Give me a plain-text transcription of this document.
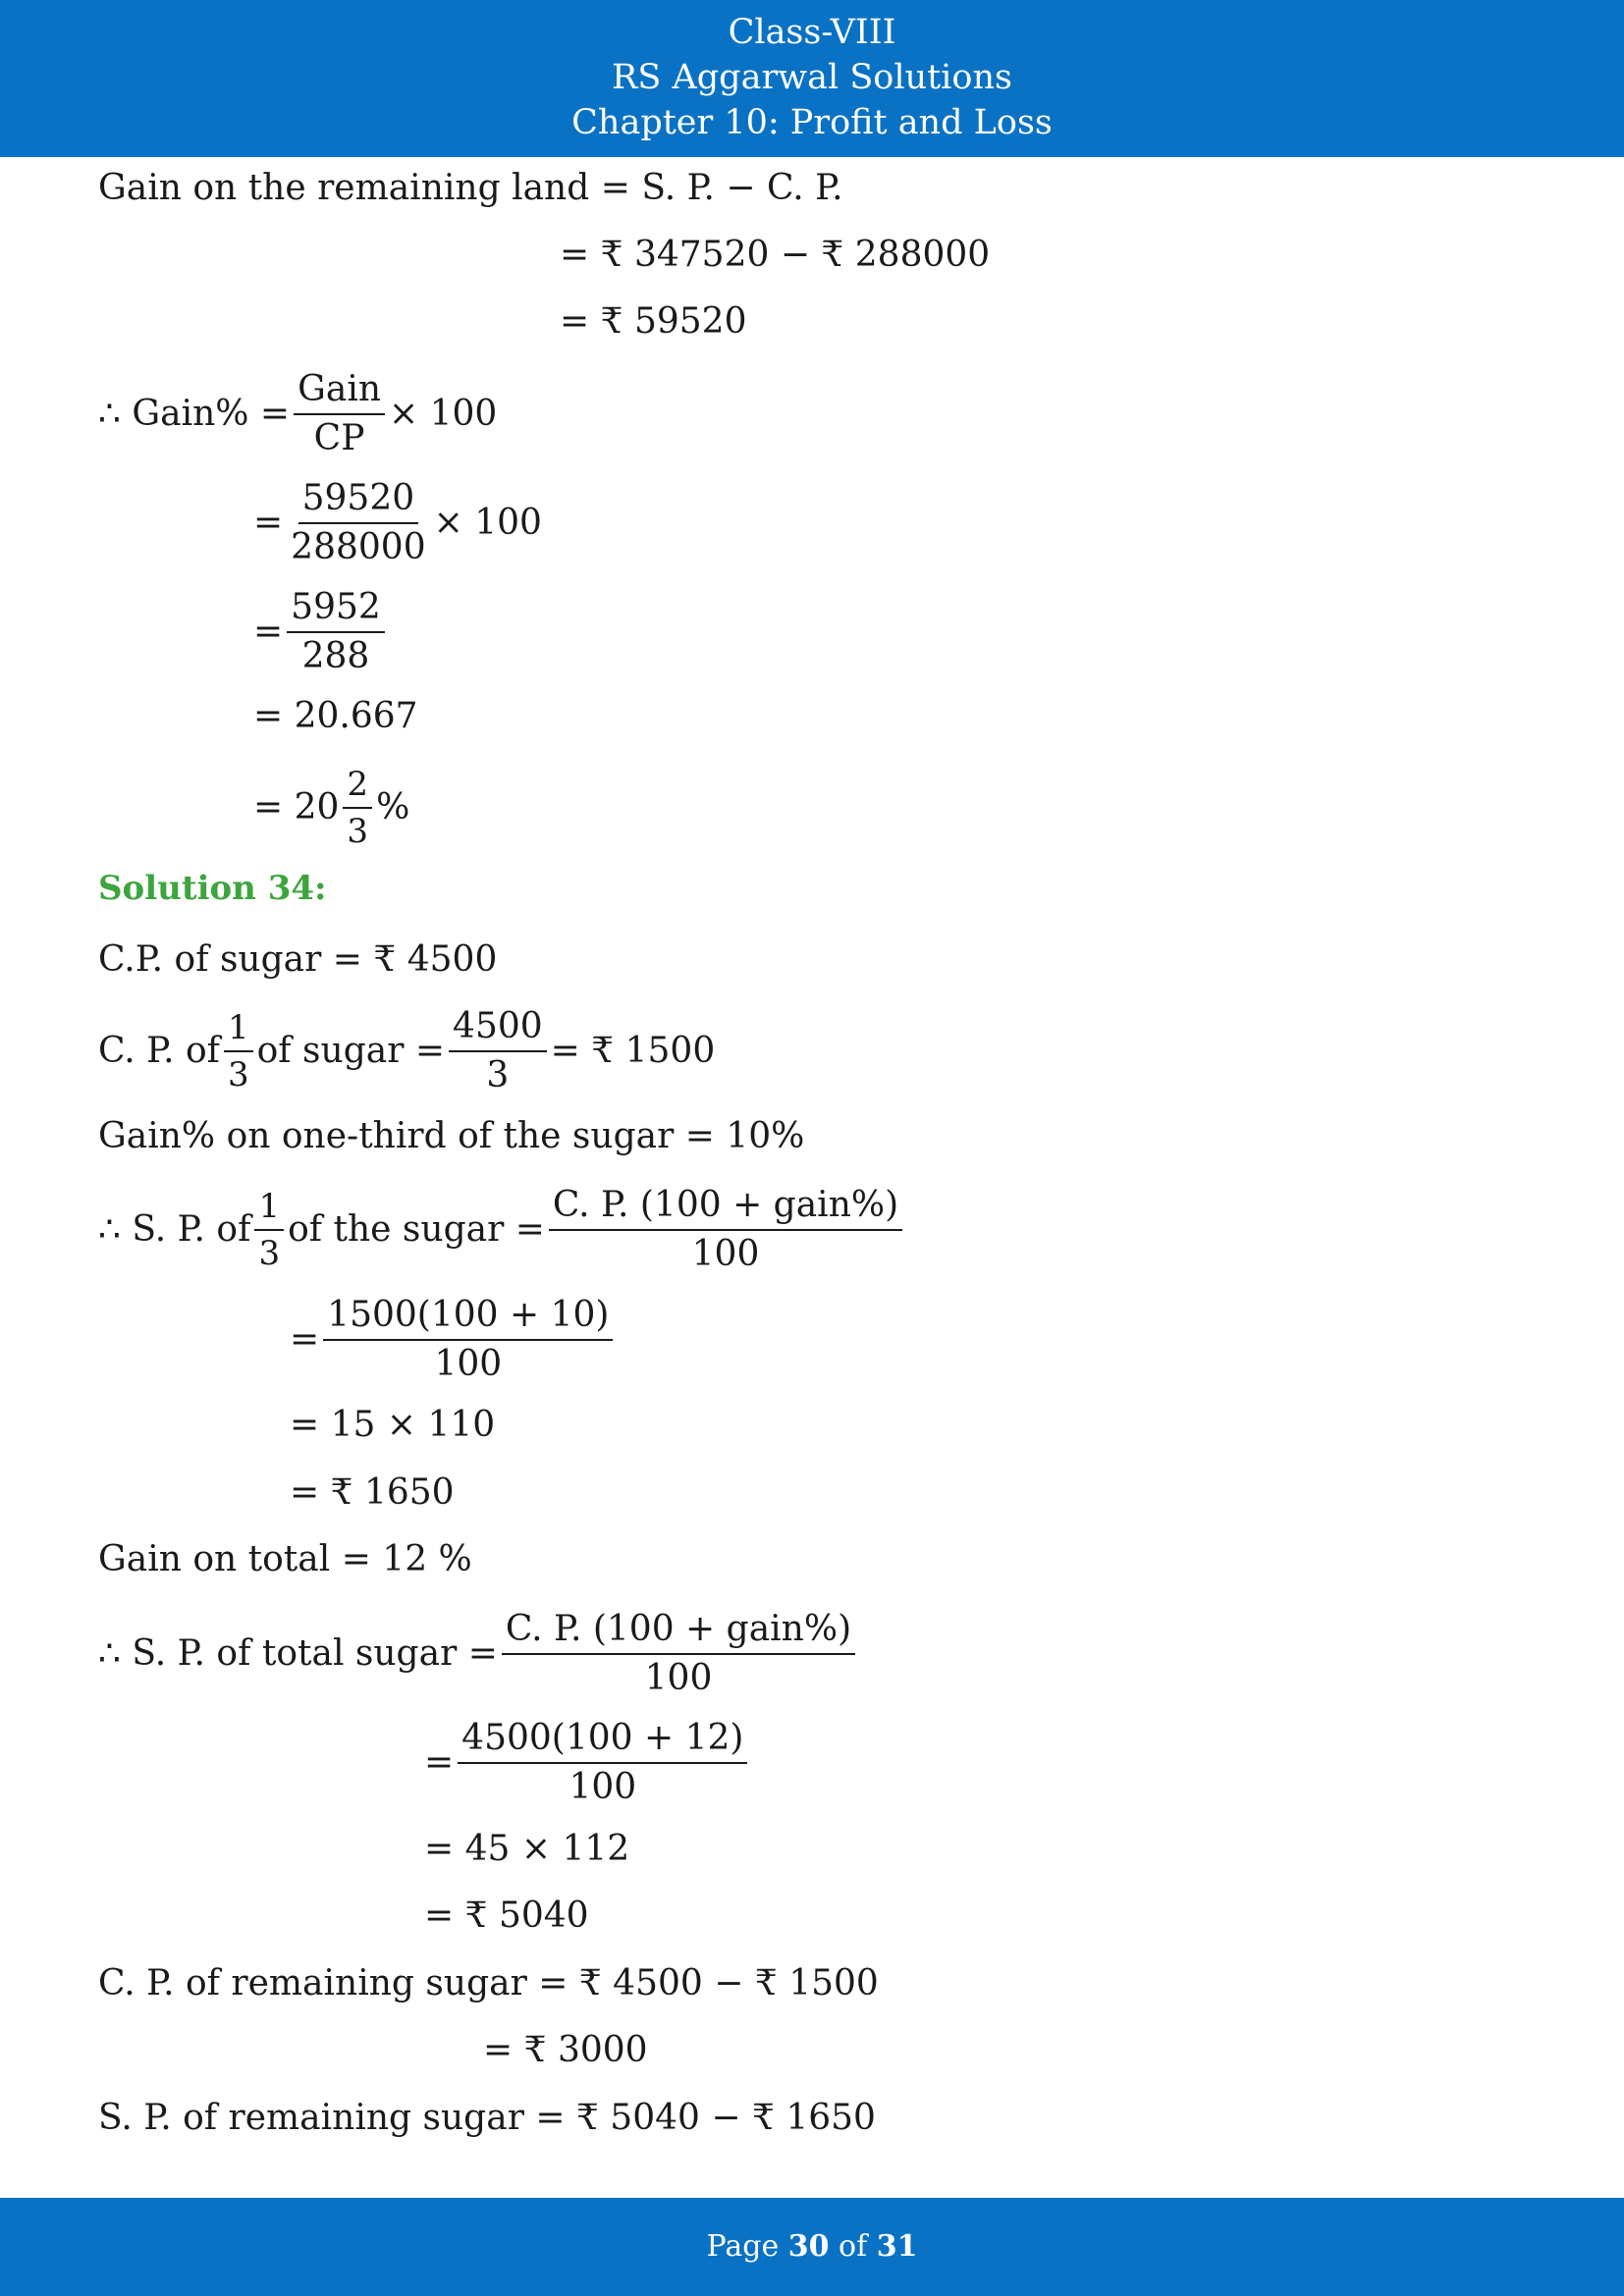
Class-VIII
RS Aggarwal Solutions
Chapter 10: Profit and Loss
Gain on the remaining land = S. P. − C. P.
= ₹ 347520 − ₹ 288000
= ₹ 59520
∴ Gain% = $\frac{\text{Gain}}{CP} \times 100$
= $\frac{59520}{288000} \times 100$
= $\frac{5952}{288}$
= 20.667
= $20 \frac{2}{3}$ %
Solution 34:
C.P. of sugar = ₹ 4500
C. P. of $\frac{1}{3}$ of sugar = $\frac{4500}{3}$ = ₹ 1500
Gain% on one-third of the sugar = 10%
∴ S. P. of $\frac{1}{3}$ of the sugar = $\frac{\text{C. P. (100 + gain\%)}}{100}$
= $\frac{1500(100 + 10)}{100}$
= 15 × 110
= ₹ 1650
Gain on total = 12 %
∴ S. P. of total sugar = $\frac{\text{C. P. (100 + gain\%)}}{100}$
= $\frac{4500(100 + 12)}{100}$
= 45 × 112
= ₹ 5040
C. P. of remaining sugar = ₹ 4500 − ₹ 1500
= ₹ 3000
S. P. of remaining sugar = ₹ 5040 − ₹ 1650
Page 30 of 31
